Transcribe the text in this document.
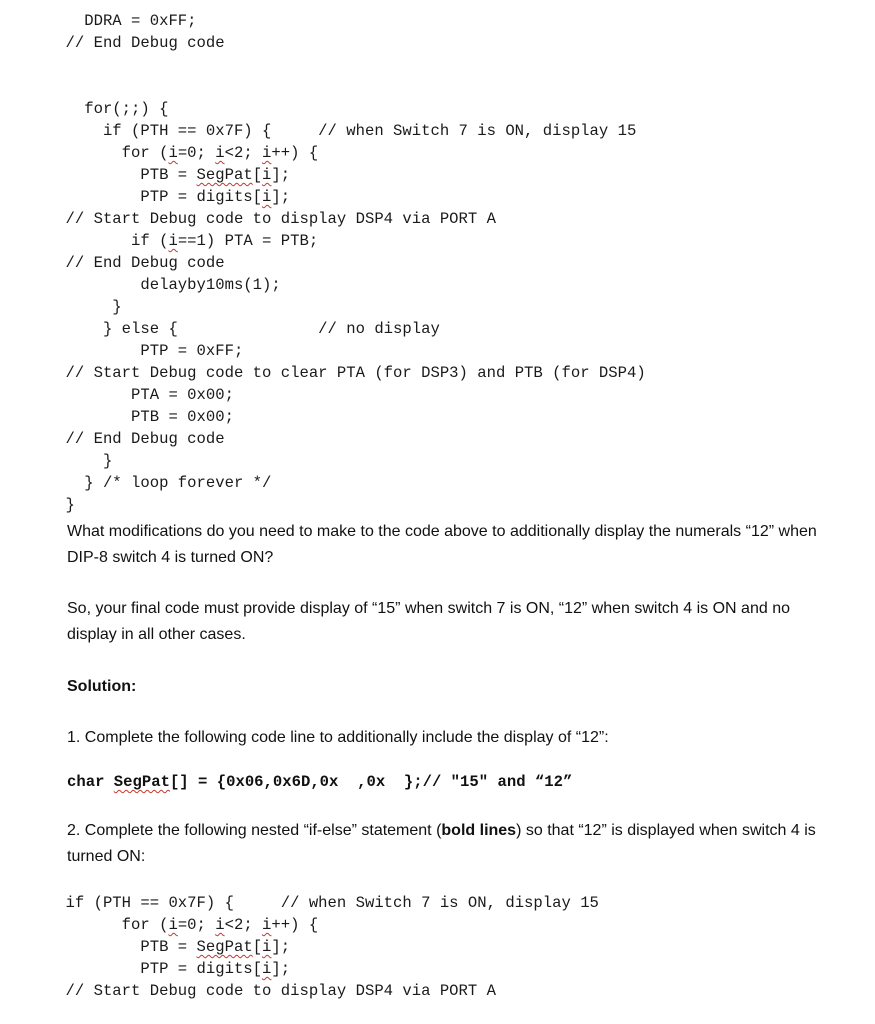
DDRA = 0xFF;
// End Debug code
for(;;) {
if (PTH == 0x7F) {     // when Switch 7 is ON, display 15
for (i=0; i<2; i++) {
PTB = SegPat[i];
PTP = digits[i];
// Start Debug code to display DSP4 via PORT A
if (i==1) PTA = PTB;
// End Debug code
delayby10ms(1);
}
} else {               // no display
PTP = 0xFF;
// Start Debug code to clear PTA (for DSP3) and PTB (for DSP4)
PTA = 0x00;
PTB = 0x00;
// End Debug code
}
} /* loop forever */
}
What modifications do you need to make to the code above to additionally display the numerals “12” when DIP-8 switch 4 is turned ON?
So, your final code must provide display of “15” when switch 7 is ON, “12” when switch 4 is ON and no display in all other cases.
Solution:
1. Complete the following code line to additionally include the display of “12”:
char SegPat[] = {0x06,0x6D,0x  ,0x  };// "15" and “12”
2. Complete the following nested “if-else” statement (bold lines) so that “12” is displayed when switch 4 is turned ON:
if (PTH == 0x7F) {     // when Switch 7 is ON, display 15
for (i=0; i<2; i++) {
PTB = SegPat[i];
PTP = digits[i];
// Start Debug code to display DSP4 via PORT A
